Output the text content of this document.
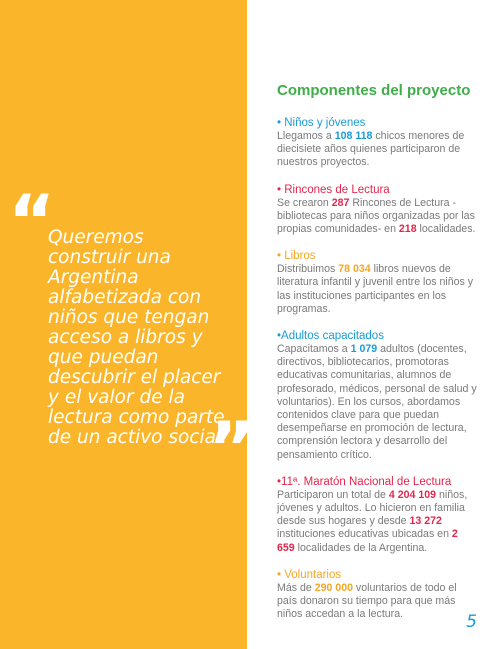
“
Queremos
construir una
Argentina
alfabetizada con
niños que tengan
acceso a libros y
que puedan
descubrir el placer
y el valor de la
lectura como parte
de un activo social.
”
Componentes del proyecto

• Niños y jóvenes

Llegamos a 108 118 chicos menores de diecisiete años quienes participaron de nuestros proyectos.

• Rincones de Lectura

Se crearon 287 Rincones de Lectura - bibliotecas para niños organizadas por las propias comunidades- en 218 localidades.

• Libros

Distribuimos 78 034 libros nuevos de literatura infantil y juvenil entre los niños y las instituciones participantes en los programas.

•Adultos capacitados

Capacitamos a 1 079 adultos (docentes, directivos, bibliotecarios, promotoras educativas comunitarias, alumnos de profesorado, médicos, personal de salud y voluntarios). En los cursos, abordamos contenidos clave para que puedan desempeñarse en promoción de lectura, comprensión lectora y desarrollo del pensamiento crítico.

•11ª. Maratón Nacional de Lectura

Participaron un total de 4 204 109 niños, jóvenes y adultos. Lo hicieron en familia desde sus hogares y desde 13 272 instituciones educativas ubicadas en 2 659 localidades de la Argentina.

• Voluntarios

Más de 290 000 voluntarios de todo el país donaron su tiempo para que más niños accedan a la lectura.	5
